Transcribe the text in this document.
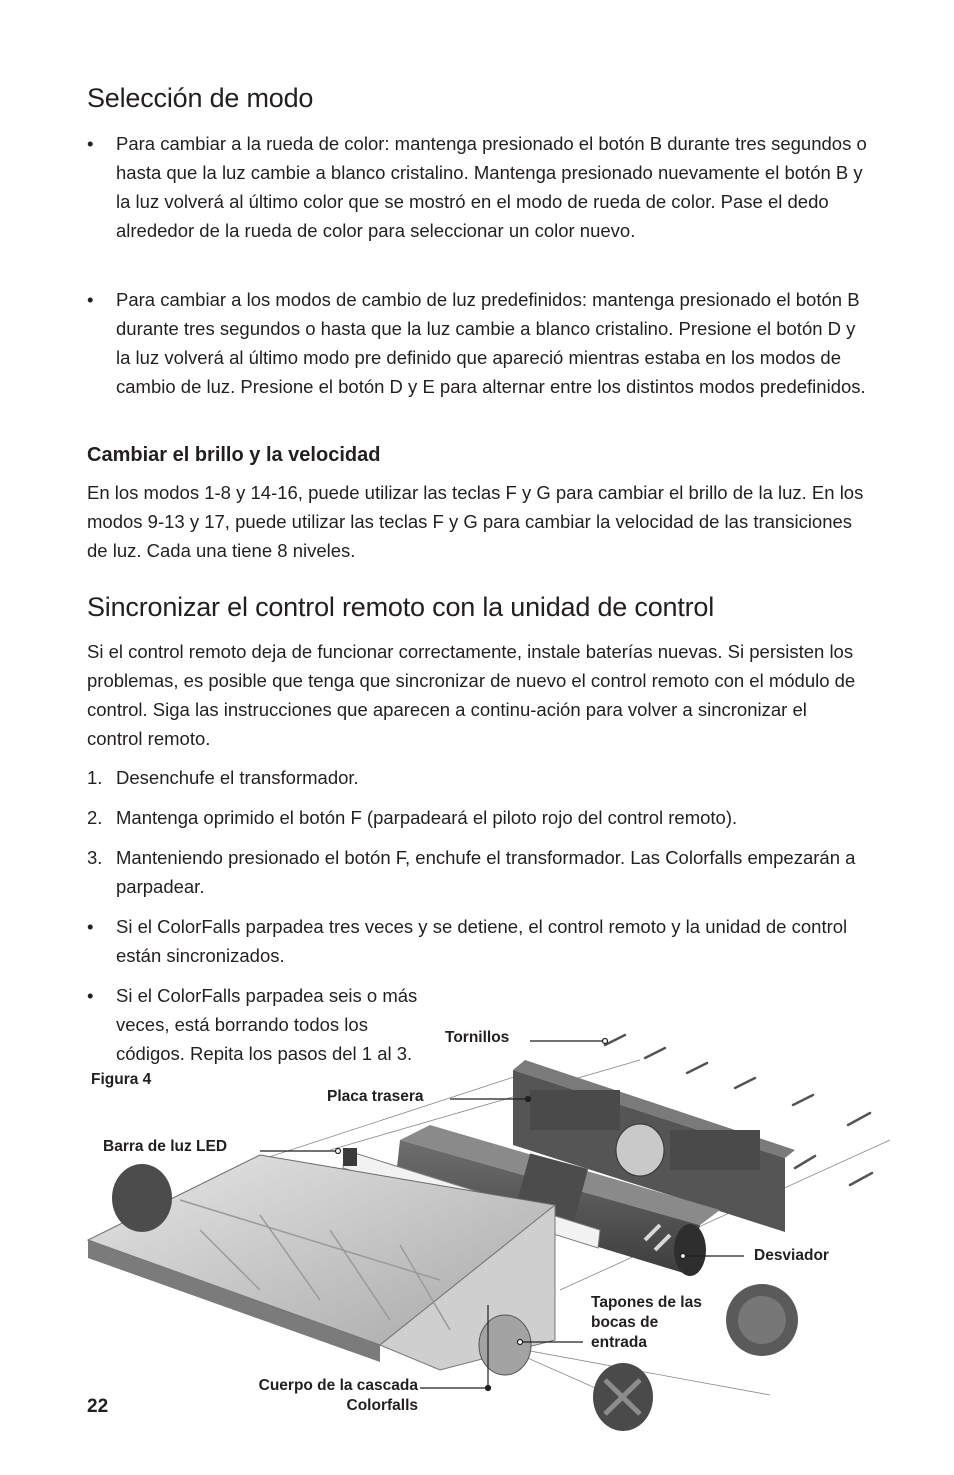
Selección de modo
•	Para cambiar a la rueda de color: mantenga presionado el botón B durante tres segundos o hasta que la luz cambie a blanco cristalino. Mantenga presionado nuevamente el botón B y la luz volverá al último color que se mostró en el modo de rueda de color. Pase el dedo alrededor de la rueda de color para seleccionar un color nuevo.
•	Para cambiar a los modos de cambio de luz predefinidos: mantenga presionado el botón B durante tres segundos o hasta que la luz cambie a blanco cristalino. Presione el botón D y la luz volverá al último modo pre definido que apareció mientras estaba en los modos de cambio de luz. Presione el botón D y E para alternar entre los distintos modos predefinidos.
Cambiar el brillo y la velocidad

En los modos 1-8 y 14-16, puede utilizar las teclas F y G para cambiar el brillo de la luz. En los modos 9-13 y 17, puede utilizar las teclas F y G para cambiar la velocidad de las transiciones de luz. Cada una tiene 8 niveles.

Sincronizar el control remoto con la unidad de control

Si el control remoto deja de funcionar correctamente, instale baterías nuevas. Si persisten los problemas, es posible que tenga que sincronizar de nuevo el control remoto con el módulo de control. Siga las instrucciones que aparecen a continu-ación para volver a sincronizar el control remoto.

1. Desenchufe el transformador.
2. Mantenga oprimido el botón F (parpadeará el piloto rojo del control remoto).
3. Manteniendo presionado el botón F, enchufe el transformador. Las Colorfalls empezarán a parpadear.
•	Si el ColorFalls parpadea tres veces y se detiene, el control remoto y la unidad de control están sincronizados.
•	Si el ColorFalls parpadea seis o más veces, está borrando todos los códigos. Repita los pasos del 1 al 3.
Figura 4
Tornillos
Placa trasera
Barra de luz LED
Desviador
Tapones de las bocas de entrada
Cuerpo de la cascada Colorfalls
22
